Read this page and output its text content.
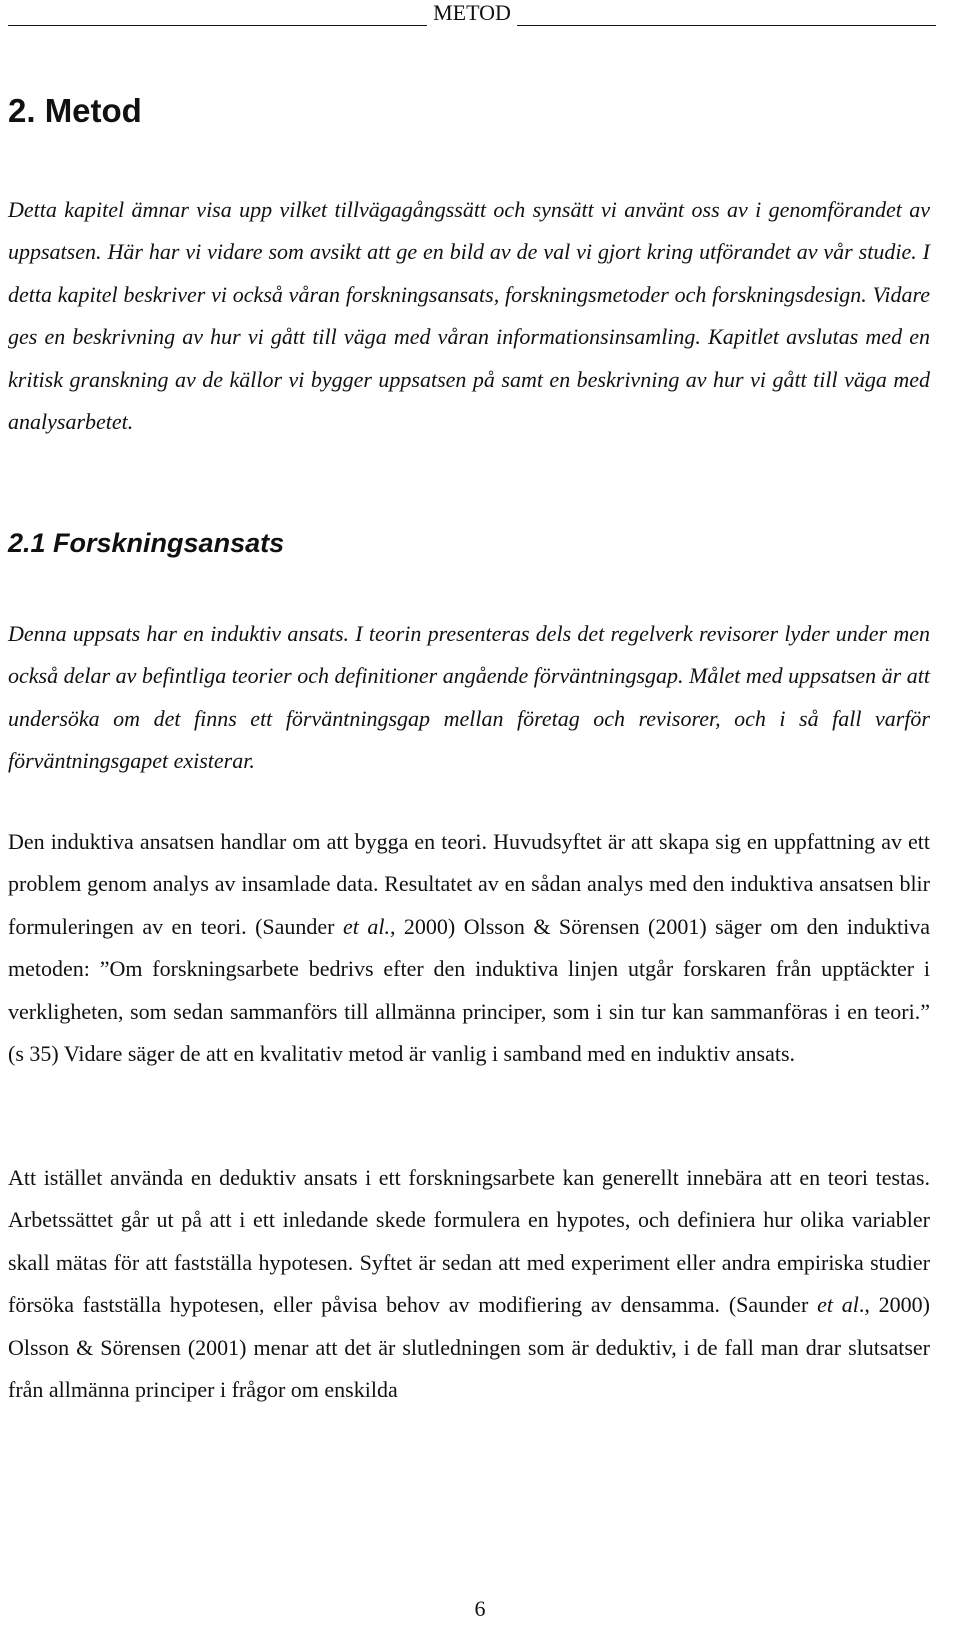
METOD
2. Metod

Detta kapitel ämnar visa upp vilket tillvägagångssätt och synsätt vi använt oss av i genomförandet av uppsatsen. Här har vi vidare som avsikt att ge en bild av de val vi gjort kring utförandet av vår studie. I detta kapitel beskriver vi också våran forskningsansats, forskningsmetoder och forskningsdesign. Vidare ges en beskrivning av hur vi gått till väga med våran informationsinsamling. Kapitlet avslutas med en kritisk granskning av de källor vi bygger uppsatsen på samt en beskrivning av hur vi gått till väga med analysarbetet.

2.1 Forskningsansats

Denna uppsats har en induktiv ansats. I teorin presenteras dels det regelverk revisorer lyder under men också delar av befintliga teorier och definitioner angående förväntningsgap. Målet med uppsatsen är att undersöka om det finns ett förväntningsgap mellan företag och revisorer, och i så fall varför förväntningsgapet existerar.

Den induktiva ansatsen handlar om att bygga en teori. Huvudsyftet är att skapa sig en uppfattning av ett problem genom analys av insamlade data. Resultatet av en sådan analys med den induktiva ansatsen blir formuleringen av en teori. (Saunder et al., 2000) Olsson & Sörensen (2001) säger om den induktiva metoden: ”Om forskningsarbete bedrivs efter den induktiva linjen utgår forskaren från upptäckter i verkligheten, som sedan sammanförs till allmänna principer, som i sin tur kan sammanföras i en teori.” (s 35) Vidare säger de att en kvalitativ metod är vanlig i samband med en induktiv ansats.

Att istället använda en deduktiv ansats i ett forskningsarbete kan generellt innebära att en teori testas. Arbetssättet går ut på att i ett inledande skede formulera en hypotes, och definiera hur olika variabler skall mätas för att fastställa hypotesen. Syftet är sedan att med experiment eller andra empiriska studier försöka fastställa hypotesen, eller påvisa behov av modifiering av densamma. (Saunder et al., 2000) Olsson & Sörensen (2001) menar att det är slutledningen som är deduktiv, i de fall man drar slutsatser från allmänna principer i frågor om enskilda

6
